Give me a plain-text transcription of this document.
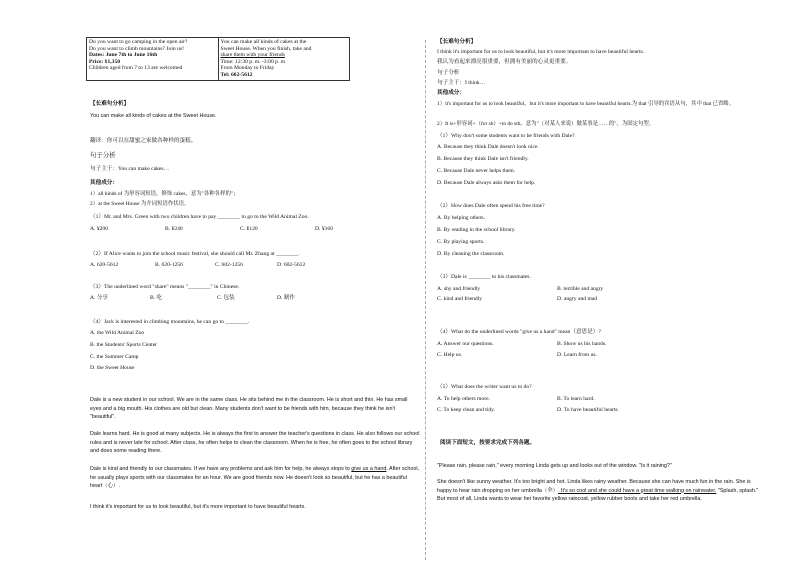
Do you want to go camping in the open air?
Do you want to climb mountains? Join us!
Dates: June 7th to June 16th
Price: ¥1,350
Children aged from 7 to 13 are welcomed

You can make all kinds of cakes at the
Sweet House. When you finish, take and
share them with your friends
Time: 12:30 p. m. -3:00 p. m
From Monday to Friday
Tel: 602-5612
【长难句分析】
You can make all kinds of cakes at the Sweet House.
翻译：你可以在甜蜜之家做各种样的蛋糕。
句子分析
句子主干：You can make cakes…
其他成分：
1）all kinds of 为形容词短语，修饰 cakes，意为"各种各样的"；
2）at the Sweet House 为介词短语作状语。
（1）Mr. and Mrs. Green with two children have to pay ________ to go to the Wild Animal Zoo.
A. ¥200	B. ¥240	C. ¥120	D. ¥160
（2）If Alice wants to join the school music festival, she should call Mr. Zhang at ________.
A. 620-5612	B. 620-1256	C. 602-1256	D. 602-5612
（3）The underlined word "share" means "________" in Chinese.
A. 分享	B. 吃	C. 包装	D. 制作
（4）Jack is interested in climbing mountains, he can go to ________.
A. the Wild Animal Zoo
B. the Students' Sports Center
C. the Summer Camp
D. the Sweet House
Dale is a new student in our school. We are in the same class. He sits behind me in the classroom. He is short and thin. He has small eyes and a big mouth. His clothes are old but clean. Many students don't want to be friends with him, because they think he isn't "beautiful".
Dale learns hard. He is good at many subjects. He is always the first to answer the teacher's questions in class. He also follows our school rules and is never late for school. After class, he often helps to clean the classroom. When he is free, he often goes to the school library and does some reading there.
Dale is kind and friendly to our classmates. If we have any problems and ask him for help, he always stops to give us a hand. After school, he usually plays sports with our classmates for an hour. We are good friends now. He doesn't look so beautiful, but he has a beautiful heart（心）.
I think it's important for us to look beautiful, but it's more important to have beautiful hearts.
【长难句分析】
I think it's important for us to look beautiful, but it's more important to have beautiful hearts.
我认为看起来漂亮很重要，但拥有美丽的心灵更重要。
句子分析
句子主干：I think…
其他成分：
1）it's important for us to look beautiful，but it's more important to have beautiful hearts.为 that 引导的宾语从句，其中 that 已省略。
2）It is+形容词+（for sb）+to do sth。意为"（对某人来说）做某事是……的"，为固定句型。
（1）Why don't some students want to be friends with Dale?
A. Because they think Dale doesn't look nice.
B. Because they think Dale isn't friendly.
C. Because Dale never helps them.
D. Because Dale always asks them for help.
（2）How does Dale often spend his free time?
A. By helping others.
B. By reading in the school library.
C. By playing sports.
D. By cleaning the classroom.
（3）Dale is ________ to his classmates.
A. shy and friendly	B. terrible and angry
C. kind and friendly	D. angry and mad
（4）What do the underlined words "give us a hand" mean（意思是）?
A. Answer our questions.	B. Show us his hands.
C. Help us.	D. Learn from us.
（5）What does the writer want us to do?
A. To help others more.	B. To learn hard.
C. To keep clean and tidy.	D. To have beautiful hearts.
阅读下面短文，按要求完成下列各题。
"Please rain, please rain," every morning Linda gets up and looks out of the window. "Is it raining?"
She doesn't like sunny weather. It's too bright and hot. Linda likes rainy weather. Because she can have much fun in the rain. She is happy to hear rain dropping on her umbrella（伞）. It's so cool and she could have a great time walking on rainwater. "Splash, splash." But most of all, Linda wants to wear her favorite yellow raincoat, yellow rubber boots and take her red umbrella.
